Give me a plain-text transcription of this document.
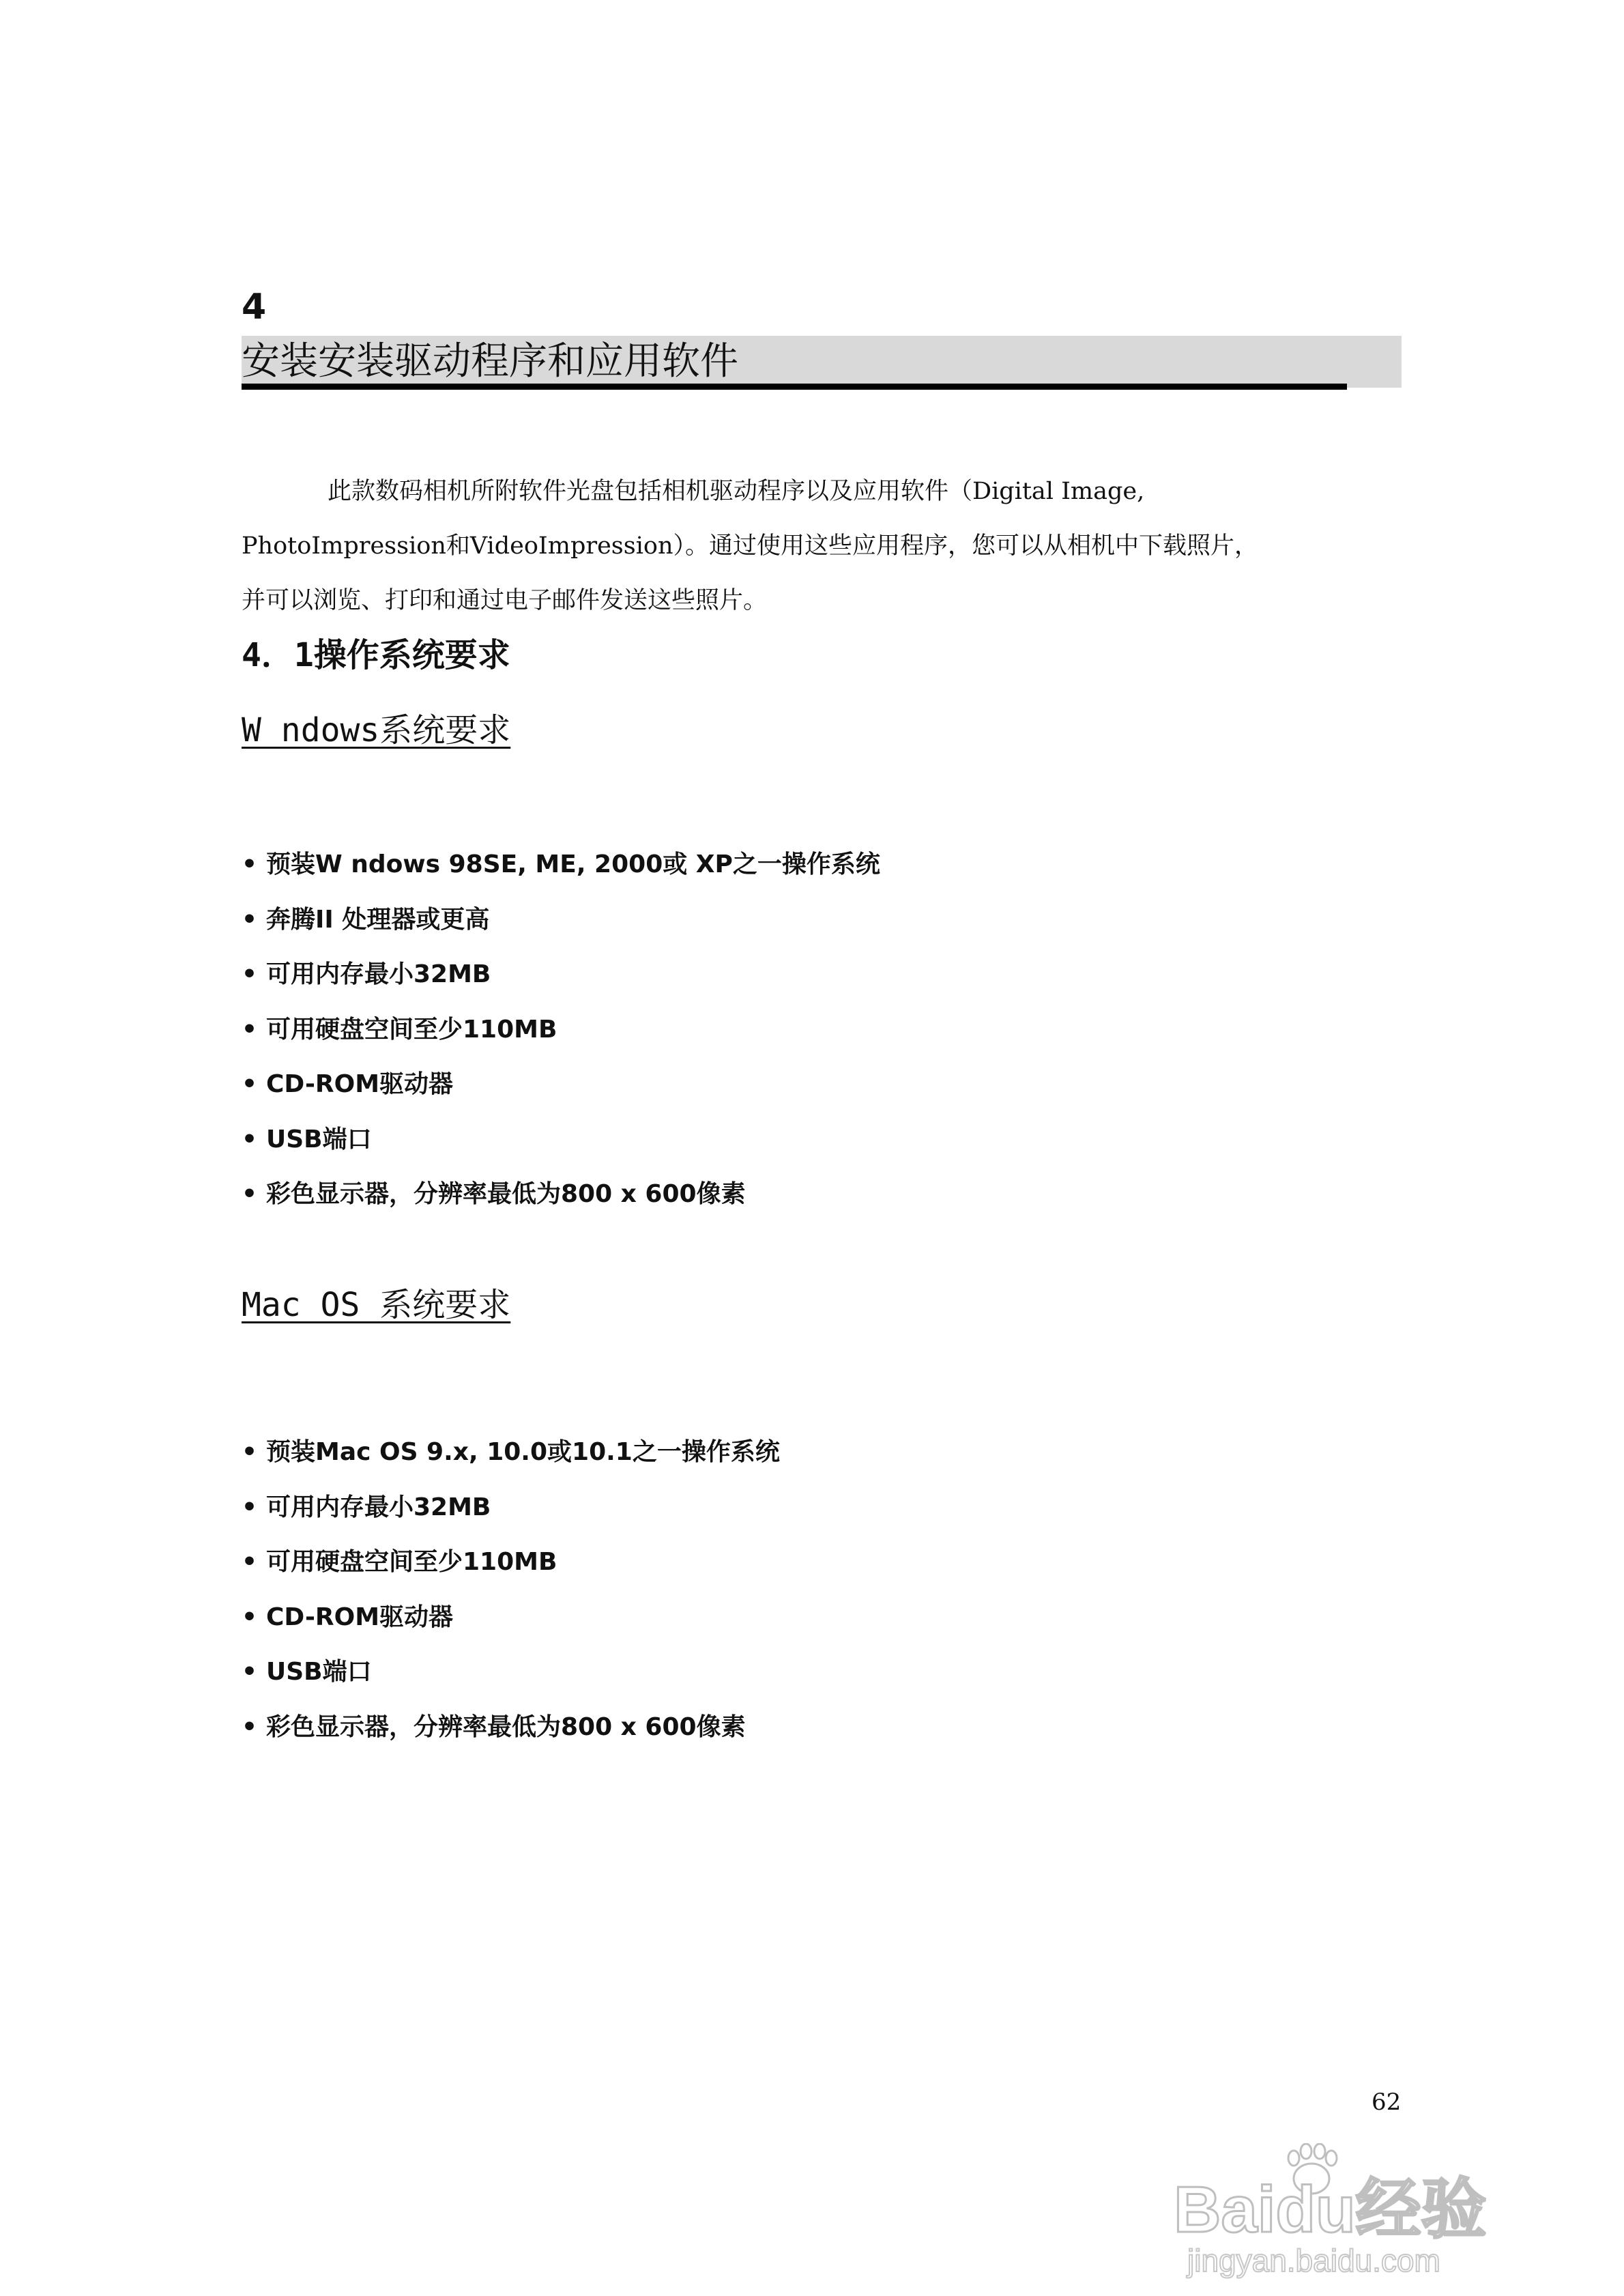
4
安装安装驱动程序和应用软件

此款数码相机所附软件光盘包括相机驱动程序以及应用软件（Digital Image,

PhotoImpression和VideoImpression）。通过使用这些应用程序，您可以从相机中下载照片，

并可以浏览、打印和通过电子邮件发送这些照片。

4．1操作系统要求
W ndows系统要求
• 预装W ndows 98SE, ME, 2000或 XP之一操作系统
• 奔腾II 处理器或更高
• 可用内存最小32MB
• 可用硬盘空间至少110MB
• CD-ROM驱动器
• USB端口
• 彩色显示器，分辨率最低为800 x 600像素
Mac OS 系统要求
• 预装Mac OS 9.x, 10.0或10.1之一操作系统
• 可用内存最小32MB
• 可用硬盘空间至少110MB
• CD-ROM驱动器
• USB端口
• 彩色显示器，分辨率最低为800 x 600像素
62
Baidu经验
jingyan.baidu.com
